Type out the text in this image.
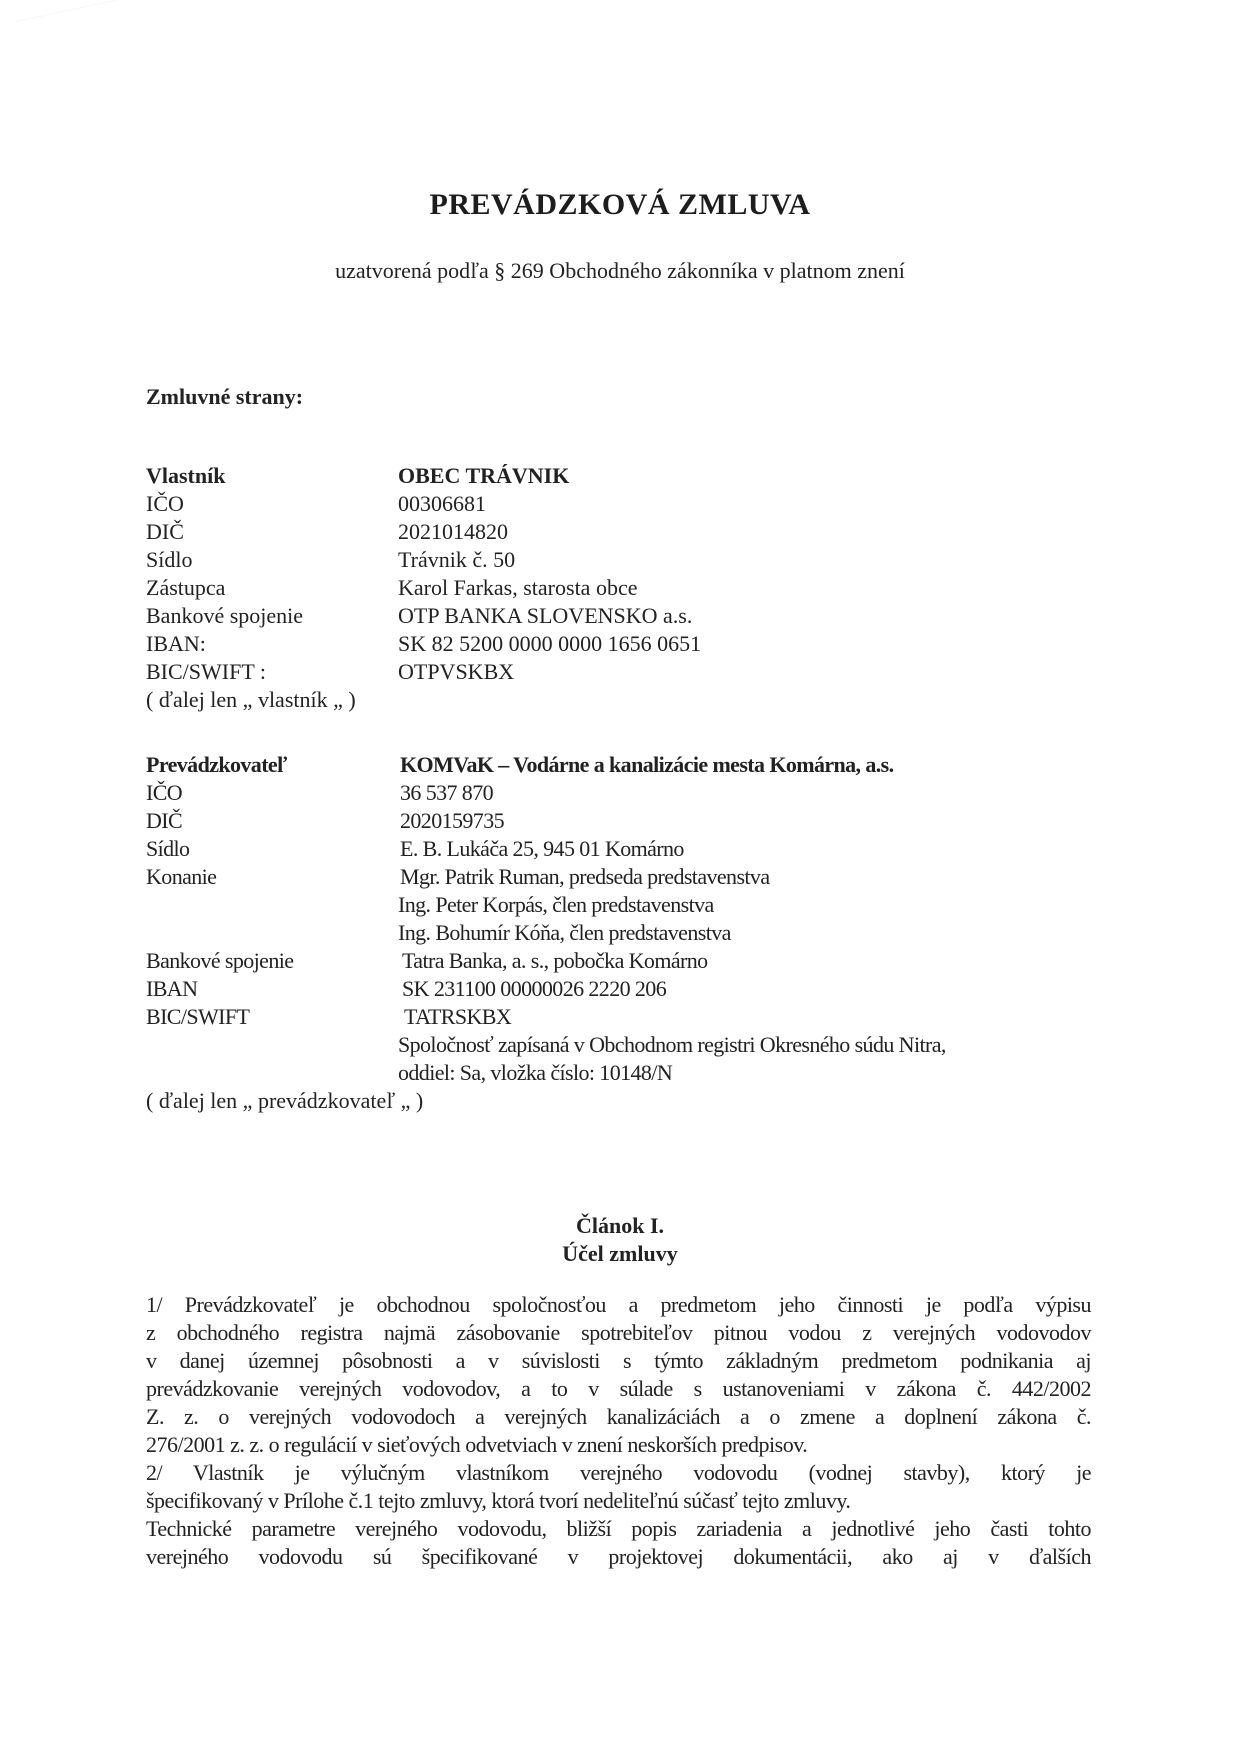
PREVÁDZKOVÁ ZMLUVA
uzatvorená podľa § 269 Obchodného zákonníka v platnom znení
Zmluvné strany:
Vlastník	OBEC TRÁVNIK
IČO	00306681
DIČ	2021014820
Sídlo	Trávnik č. 50
Zástupca	Karol Farkas, starosta obce
Bankové spojenie	OTP BANKA SLOVENSKO a.s.
IBAN:	SK 82 5200 0000 0000 1656 0651
BIC/SWIFT :	OTPVSKBX
( ďalej len „ vlastník „ )
Prevádzkovateľ	KOMVaK – Vodárne a kanalizácie mesta Komárna, a.s.
IČO	36 537 870
DIČ	2020159735
Sídlo	E. B. Lukáča 25, 945 01 Komárno
Konanie	Mgr. Patrik Ruman, predseda predstavenstva
Ing. Peter Korpás, člen predstavenstva
Ing. Bohumír Kóňa, člen predstavenstva
Bankové spojenie	Tatra Banka, a. s., pobočka Komárno
IBAN	SK 231100 00000026 2220 206
BIC/SWIFT	TATRSKBX
Spoločnosť zapísaná v Obchodnom registri Okresného súdu Nitra,
oddiel: Sa, vložka číslo: 10148/N
( ďalej len „ prevádzkovateľ „ )
Článok I.
Účel zmluvy
1/ Prevádzkovateľ je obchodnou spoločnosťou a predmetom jeho činnosti je podľa výpisu
z obchodného registra najmä zásobovanie spotrebiteľov pitnou vodou z verejných vodovodov
v danej územnej pôsobnosti a v súvislosti s týmto základným predmetom podnikania aj
prevádzkovanie verejných vodovodov, a to v súlade s ustanoveniami v zákona č. 442/2002
Z. z. o verejných vodovodoch a verejných kanalizáciách a o zmene a doplnení zákona č.
276/2001 z. z. o regulácií v sieťových odvetviach v znení neskorších predpisov.
2/ Vlastník je výlučným vlastníkom verejného vodovodu (vodnej stavby), ktorý je
špecifikovaný v Prílohe č.1 tejto zmluvy, ktorá tvorí nedeliteľnú súčasť tejto zmluvy.
Technické parametre verejného vodovodu, bližší popis zariadenia a jednotlivé jeho časti tohto
verejného vodovodu sú špecifikované v projektovej dokumentácii, ako aj v ďalších
